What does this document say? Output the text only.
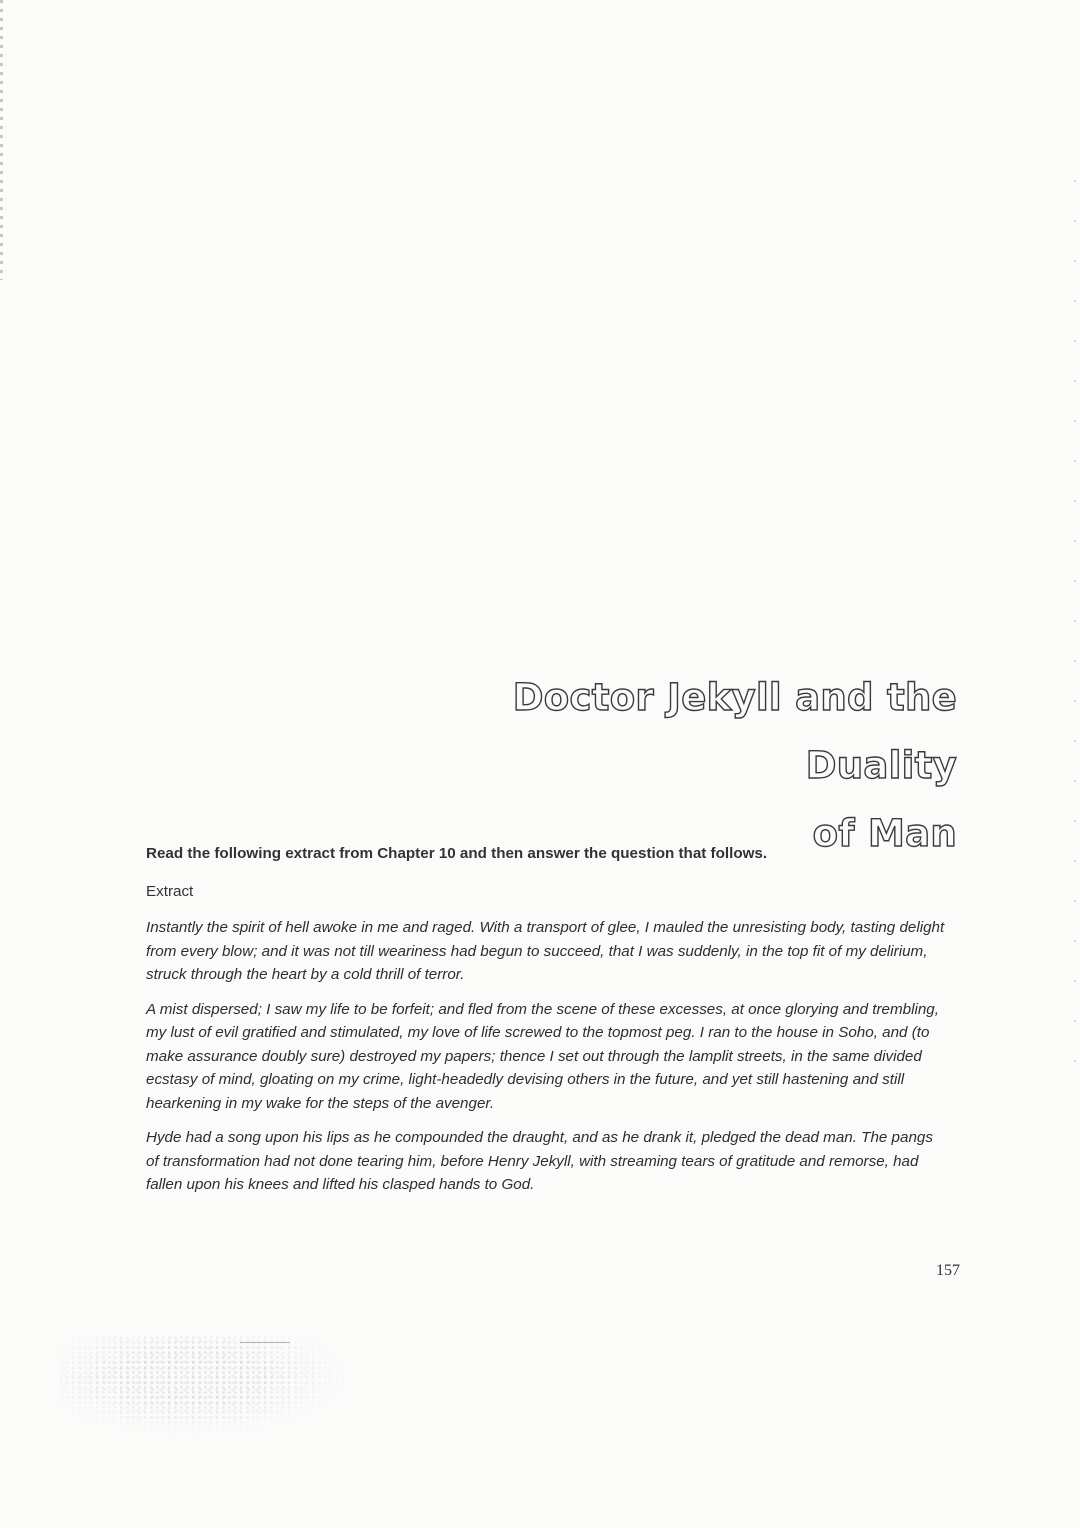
Doctor Jekyll and the Duality
of Man

Read the following extract from Chapter 10 and then answer the question that follows.

Extract

Instantly the spirit of hell awoke in me and raged. With a transport of glee, I mauled the unresisting body, tasting delight from every blow; and it was not till weariness had begun to succeed, that I was suddenly, in the top fit of my delirium, struck through the heart by a cold thrill of terror.

A mist dispersed; I saw my life to be forfeit; and fled from the scene of these excesses, at once glorying and trembling, my lust of evil gratified and stimulated, my love of life screwed to the topmost peg. I ran to the house in Soho, and (to make assurance doubly sure) destroyed my papers; thence I set out through the lamplit streets, in the same divided ecstasy of mind, gloating on my crime, light-headedly devising others in the future, and yet still hastening and still hearkening in my wake for the steps of the avenger.

Hyde had a song upon his lips as he compounded the draught, and as he drank it, pledged the dead man. The pangs of transformation had not done tearing him, before Henry Jekyll, with streaming tears of gratitude and remorse, had fallen upon his knees and lifted his clasped hands to God.

157
